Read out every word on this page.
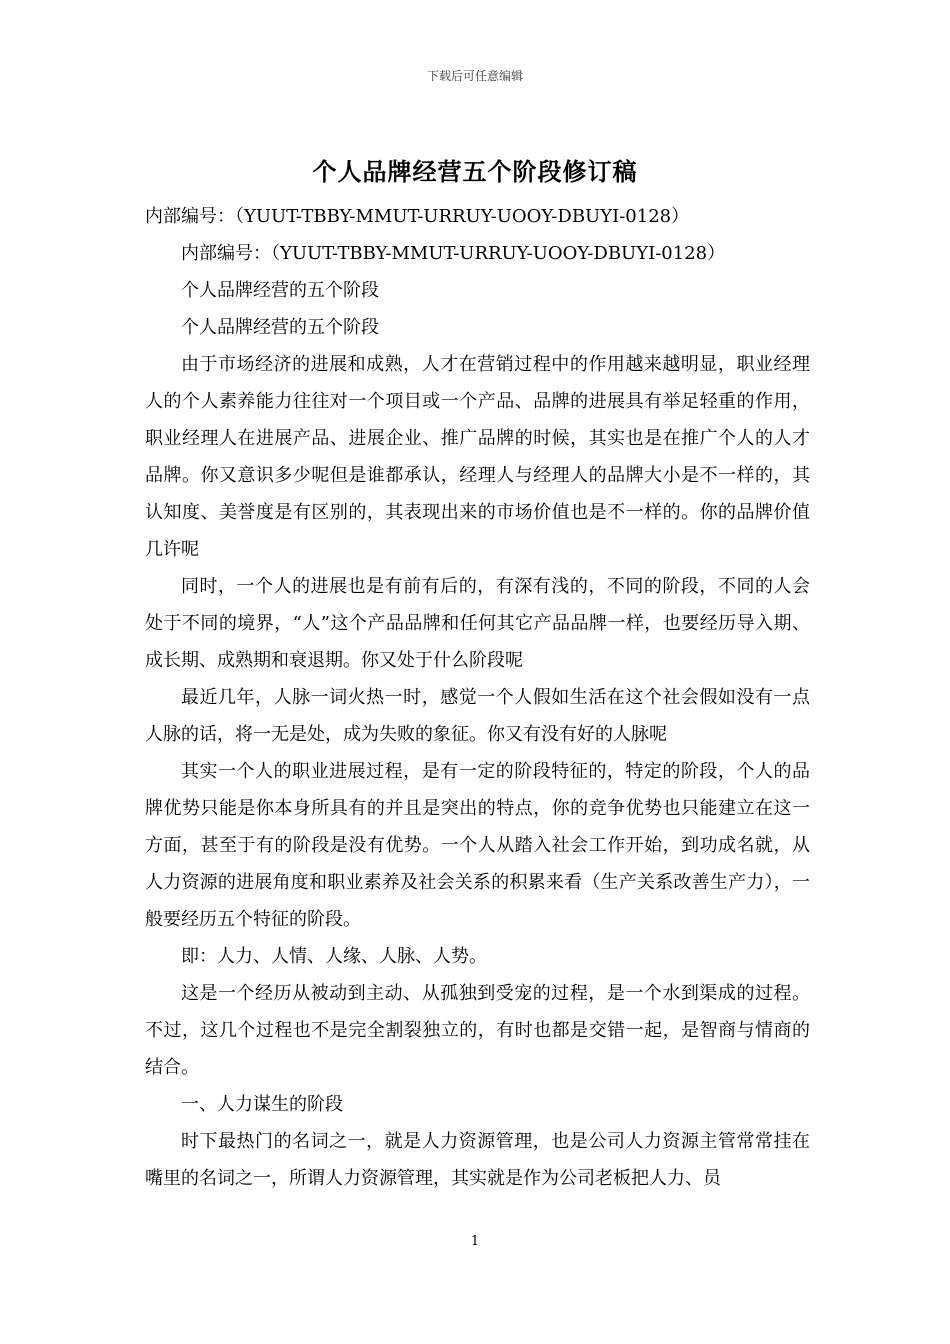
下载后可任意编辑
个人品牌经营五个阶段修订稿

内部编号：（YUUT-TBBY-MMUT-URRUY-UOOY-DBUYI-0128）

内部编号：（YUUT-TBBY-MMUT-URRUY-UOOY-DBUYI-0128）

个人品牌经营的五个阶段

个人品牌经营的五个阶段

由于市场经济的进展和成熟，人才在营销过程中的作用越来越明显，职业经理人的个人素养能力往往对一个项目或一个产品、品牌的进展具有举足轻重的作用，职业经理人在进展产品、进展企业、推广品牌的时候，其实也是在推广个人的人才品牌。你又意识多少呢但是谁都承认，经理人与经理人的品牌大小是不一样的，其认知度、美誉度是有区别的，其表现出来的市场价值也是不一样的。你的品牌价值几许呢

同时，一个人的进展也是有前有后的，有深有浅的，不同的阶段，不同的人会处于不同的境界，“人”这个产品品牌和任何其它产品品牌一样，也要经历导入期、成长期、成熟期和衰退期。你又处于什么阶段呢

最近几年，人脉一词火热一时，感觉一个人假如生活在这个社会假如没有一点人脉的话，将一无是处，成为失败的象征。你又有没有好的人脉呢

其实一个人的职业进展过程，是有一定的阶段特征的，特定的阶段，个人的品牌优势只能是你本身所具有的并且是突出的特点，你的竞争优势也只能建立在这一方面，甚至于有的阶段是没有优势。一个人从踏入社会工作开始，到功成名就，从人力资源的进展角度和职业素养及社会关系的积累来看（生产关系改善生产力），一般要经历五个特征的阶段。

即：人力、人情、人缘、人脉、人势。

这是一个经历从被动到主动、从孤独到受宠的过程，是一个水到渠成的过程。不过，这几个过程也不是完全割裂独立的，有时也都是交错一起，是智商与情商的结合。

一、人力谋生的阶段

时下最热门的名词之一，就是人力资源管理，也是公司人力资源主管常常挂在嘴里的名词之一，所谓人力资源管理，其实就是作为公司老板把人力、员

1
